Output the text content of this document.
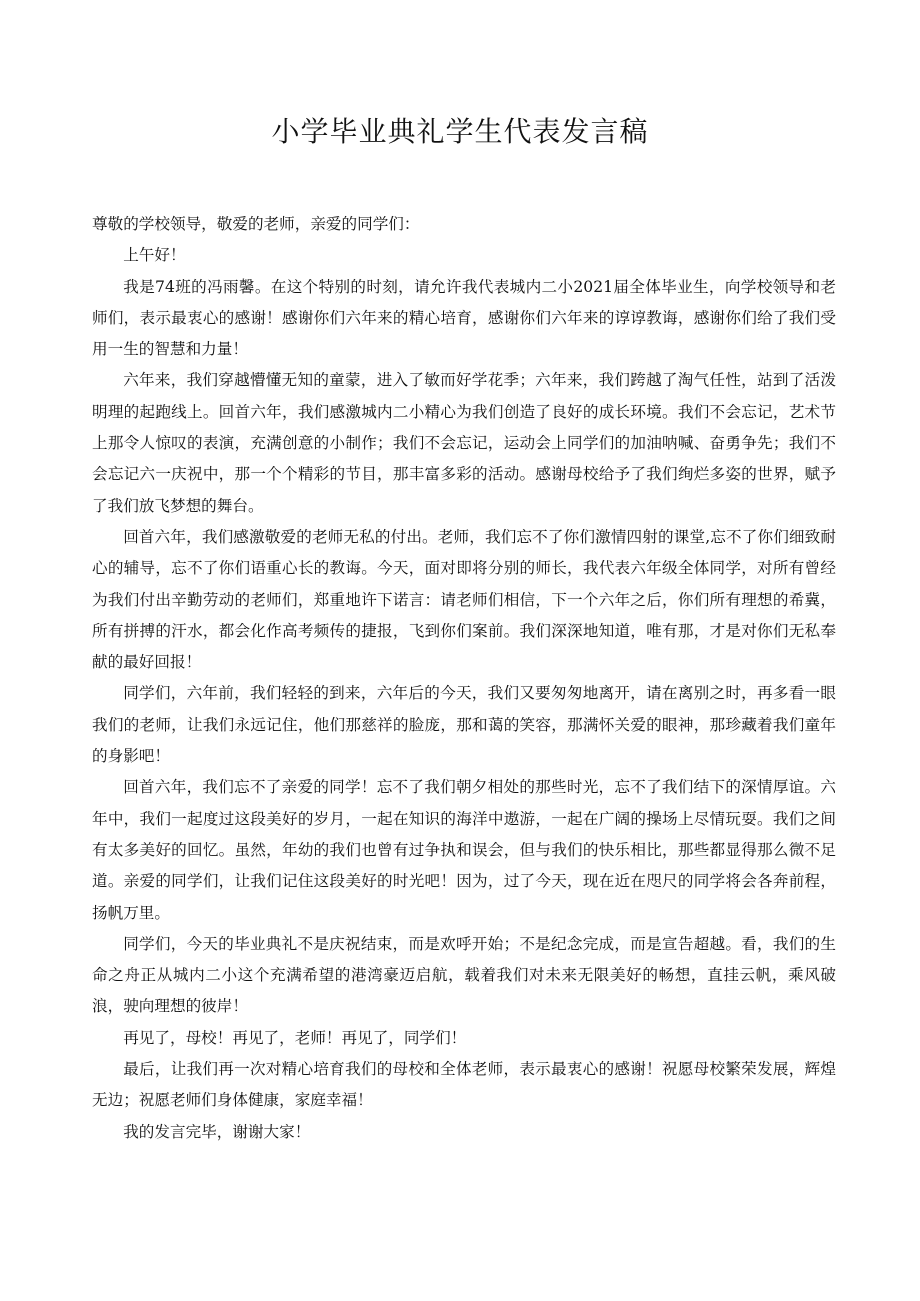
小学毕业典礼学生代表发言稿

尊敬的学校领导，敬爱的老师，亲爱的同学们：

上午好！

我是74班的冯雨馨。在这个特别的时刻，请允许我代表城内二小2021届全体毕业生，向学校领导和老师们，表示最衷心的感谢！感谢你们六年来的精心培育，感谢你们六年来的谆谆教诲，感谢你们给了我们受用一生的智慧和力量！

六年来，我们穿越懵懂无知的童蒙，进入了敏而好学花季；六年来，我们跨越了淘气任性，站到了活泼明理的起跑线上。回首六年，我们感激城内二小精心为我们创造了良好的成长环境。我们不会忘记，艺术节上那令人惊叹的表演，充满创意的小制作；我们不会忘记，运动会上同学们的加油呐喊、奋勇争先；我们不会忘记六一庆祝中，那一个个精彩的节目，那丰富多彩的活动。感谢母校给予了我们绚烂多姿的世界，赋予了我们放飞梦想的舞台。

回首六年，我们感激敬爱的老师无私的付出。老师，我们忘不了你们激情四射的课堂,忘不了你们细致耐心的辅导，忘不了你们语重心长的教诲。今天，面对即将分别的师长，我代表六年级全体同学，对所有曾经为我们付出辛勤劳动的老师们，郑重地许下诺言：请老师们相信，下一个六年之后，你们所有理想的希冀，所有拼搏的汗水，都会化作高考频传的捷报，飞到你们案前。我们深深地知道，唯有那，才是对你们无私奉献的最好回报！

同学们，六年前，我们轻轻的到来，六年后的今天，我们又要匆匆地离开，请在离别之时，再多看一眼我们的老师，让我们永远记住，他们那慈祥的脸庞，那和蔼的笑容，那满怀关爱的眼神，那珍藏着我们童年的身影吧！

回首六年，我们忘不了亲爱的同学！忘不了我们朝夕相处的那些时光，忘不了我们结下的深情厚谊。六年中，我们一起度过这段美好的岁月，一起在知识的海洋中遨游，一起在广阔的操场上尽情玩耍。我们之间有太多美好的回忆。虽然，年幼的我们也曾有过争执和误会，但与我们的快乐相比，那些都显得那么微不足道。亲爱的同学们，让我们记住这段美好的时光吧！因为，过了今天，现在近在咫尺的同学将会各奔前程，扬帆万里。

同学们，今天的毕业典礼不是庆祝结束，而是欢呼开始；不是纪念完成，而是宣告超越。看，我们的生命之舟正从城内二小这个充满希望的港湾豪迈启航，载着我们对未来无限美好的畅想，直挂云帆，乘风破浪，驶向理想的彼岸！

再见了，母校！再见了，老师！再见了，同学们！

最后，让我们再一次对精心培育我们的母校和全体老师，表示最衷心的感谢！祝愿母校繁荣发展，辉煌无边；祝愿老师们身体健康，家庭幸福！

我的发言完毕，谢谢大家！
